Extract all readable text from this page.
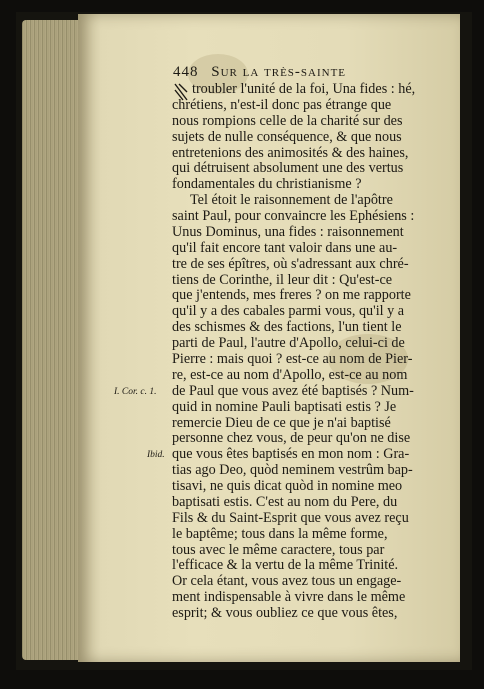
448 Sur la très-sainte
troubler l'unité de la foi, Una fides : hé,
chrétiens, n'est-il donc pas étrange que
nous rompions celle de la charité sur des
sujets de nulle conséquence, & que nous
entretenions des animosités & des haines,
qui détruisent absolument une des vertus
fondamentales du christianisme ?
Tel étoit le raisonnement de l'apôtre
saint Paul, pour convaincre les Ephésiens :
Unus Dominus, una fides : raisonnement
qu'il fait encore tant valoir dans une au-
tre de ses épîtres, où s'adressant aux chré-
tiens de Corinthe, il leur dit : Qu'est-ce
que j'entends, mes freres ? on me rapporte
qu'il y a des cabales parmi vous, qu'il y a
des schismes & des factions, l'un tient le
parti de Paul, l'autre d'Apollo, celui-ci de
Pierre : mais quoi ? est-ce au nom de Pier-
re, est-ce au nom d'Apollo, est-ce au nom
de Paul que vous avez été baptisés ? Num-
quid in nomine Pauli baptisati estis ? Je
remercie Dieu de ce que je n'ai baptisé
personne chez vous, de peur qu'on ne dise
que vous êtes baptisés en mon nom : Gra-
tias ago Deo, quòd neminem vestrûm bap-
tisavi, ne quis dicat quòd in nomine meo
baptisati estis. C'est au nom du Pere, du
Fils & du Saint-Esprit que vous avez reçu
le baptême; tous dans la même forme,
tous avec le même caractere, tous par
l'efficace & la vertu de la même Trinité.
Or cela étant, vous avez tous un engage-
ment indispensable à vivre dans le même
esprit; & vous oubliez ce que vous êtes,
I. Cor. c. 1.
Ibid.
